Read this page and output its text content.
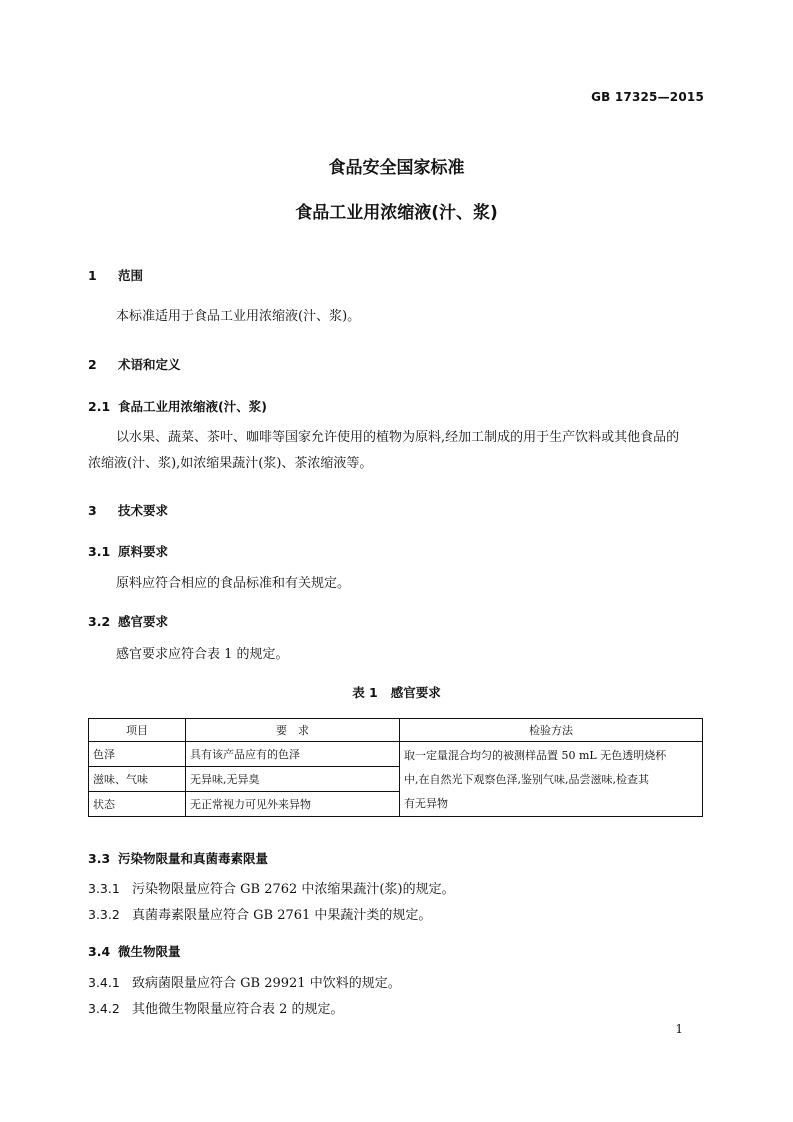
GB 17325—2015
食品安全国家标准
食品工业用浓缩液(汁、浆)
1 范围
本标准适用于食品工业用浓缩液(汁、浆)。
2 术语和定义
2.1 食品工业用浓缩液(汁、浆)
以水果、蔬菜、茶叶、咖啡等国家允许使用的植物为原料,经加工制成的用于生产饮料或其他食品的
浓缩液(汁、浆),如浓缩果蔬汁(浆)、茶浓缩液等。
3 技术要求
3.1 原料要求
原料应符合相应的食品标准和有关规定。
3.2 感官要求
感官要求应符合表 1 的规定。
表 1   感官要求
项目	要　求	检验方法
色泽	具有该产品应有的色泽	取一定量混合均匀的被测样品置 50 mL 无色透明烧杯
中,在自然光下观察色泽,鉴别气味,品尝滋味,检查其
有无异物

滋味、气味	无异味,无异臭	
状态	无正常视力可见外来异物	
3.3 污染物限量和真菌毒素限量
3.3.1 污染物限量应符合 GB 2762 中浓缩果蔬汁(浆)的规定。
3.3.2 真菌毒素限量应符合 GB 2761 中果蔬汁类的规定。
3.4 微生物限量
3.4.1 致病菌限量应符合 GB 29921 中饮料的规定。
3.4.2 其他微生物限量应符合表 2 的规定。
1
